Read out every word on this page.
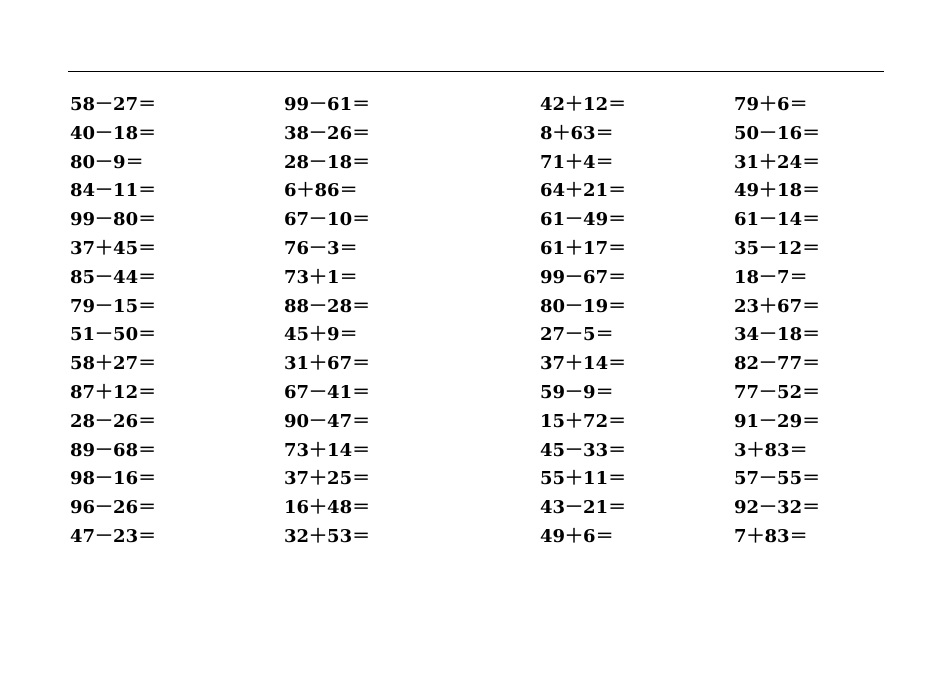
58－27＝
40－18＝
80－9＝
84－11＝
99－80＝
37＋45＝
85－44＝
79－15＝
51－50＝
58＋27＝
87＋12＝
28－26＝
89－68＝
98－16＝
96－26＝
47－23＝
99－61＝
38－26＝
28－18＝
6＋86＝
67－10＝
76－3＝
73＋1＝
88－28＝
45＋9＝
31＋67＝
67－41＝
90－47＝
73＋14＝
37＋25＝
16＋48＝
32＋53＝
42＋12＝
8＋63＝
71＋4＝
64＋21＝
61－49＝
61＋17＝
99－67＝
80－19＝
27－5＝
37＋14＝
59－9＝
15＋72＝
45－33＝
55＋11＝
43－21＝
49＋6＝
79＋6＝
50－16＝
31＋24＝
49＋18＝
61－14＝
35－12＝
18－7＝
23＋67＝
34－18＝
82－77＝
77－52＝
91－29＝
3＋83＝
57－55＝
92－32＝
7＋83＝
